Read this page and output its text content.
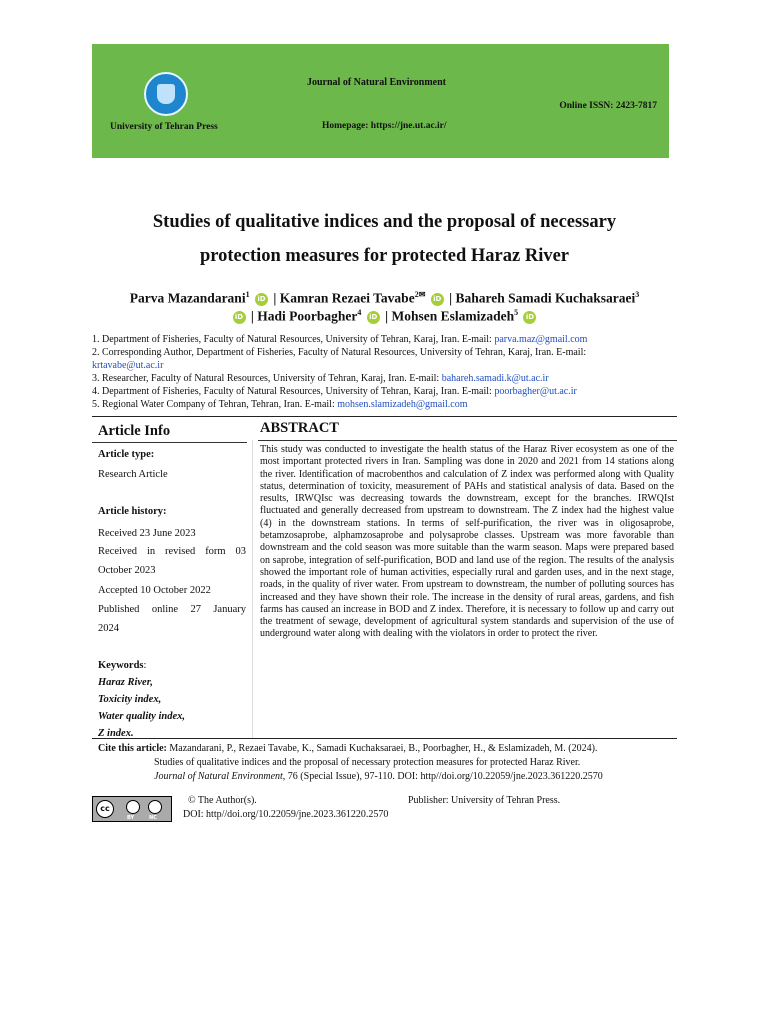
University of Tehran Press
Journal of Natural Environment
Online ISSN: 2423-7817
Homepage: https://jne.ut.ac.ir/
Studies of qualitative indices and the proposal of necessary
protection measures for protected Haraz River
Parva Mazandarani$^1$ iD | Kamran Rezaei Tavabe$^{2✉}$ iD | Bahareh Samadi Kuchaksaraei$^3$
iD | Hadi Poorbagher$^4$ iD | Mohsen Eslamizadeh$^5$ iD
1. Department of Fisheries, Faculty of Natural Resources, University of Tehran, Karaj, Iran. E-mail: parva.maz@gmail.com
2. Corresponding Author, Department of Fisheries, Faculty of Natural Resources, University of Tehran, Karaj, Iran. E-mail:
krtavabe@ut.ac.ir
3. Researcher, Faculty of Natural Resources, University of Tehran, Karaj, Iran. E-mail: bahareh.samadi.k@ut.ac.ir
4. Department of Fisheries, Faculty of Natural Resources, University of Tehran, Karaj, Iran. E-mail: poorbagher@ut.ac.ir
5. Regional Water Company of Tehran, Tehran, Iran. E-mail: mohsen.slamizadeh@gmail.com
Article Info	ABSTRACT
Article type:
Research Article
Article history:
Received 23 June 2023
Received in revised form 03
October 2023
Accepted 10 October 2022
Published online 27 January
2024
Keywords:
Haraz River,
Toxicity index,
Water quality index,
Z index.
This study was conducted to investigate the health status of the Haraz River ecosystem as one of the most important protected rivers in Iran. Sampling was done in 2020 and 2021 from 14 stations along the river. Identification of macrobenthos and calculation of Z index was performed along with Quality status, determination of toxicity, measurement of PAHs and statistical analysis of data. Based on the results, IRWQIsc was decreasing towards the downstream, except for the branches. IRWQIst fluctuated and generally decreased from upstream to downstream. The Z index had the highest value (4) in the downstream stations. In terms of self-purification, the river was in oligosaprobe, betamzosaprobe, alphamzosaprobe and polysaprobe classes. Upstream was more favorable than downstream and the cold season was more suitable than the warm season. Maps were prepared based on saprobe, integration of self-purification, BOD and land use of the region. The results of the analysis showed the important role of human activities, especially rural and garden uses, and in the next stage, roads, in the quality of river water. From upstream to downstream, the number of polluting sources has increased and they have shown their role. The increase in the density of rural areas, gardens, and fish farms has caused an increase in BOD and Z index. Therefore, it is necessary to follow up and carry out the treatment of sewage, development of agricultural system standards and supervision of the use of underground water along with dealing with the violators in order to protect the river.
Cite this article: Mazandarani, P., Rezaei Tavabe, K., Samadi Kuchaksaraei, B., Poorbagher, H., & Eslamizadeh, M. (2024).
Studies of qualitative indices and the proposal of necessary protection measures for protected Haraz River.
Journal of Natural Environment, 76 (Special Issue), 97-110. DOI: http//doi.org/10.22059/jne.2023.361220.2570
cc
BY	NC
© The Author(s).	Publisher: University of Tehran Press.
DOI: http//doi.org/10.22059/jne.2023.361220.2570
